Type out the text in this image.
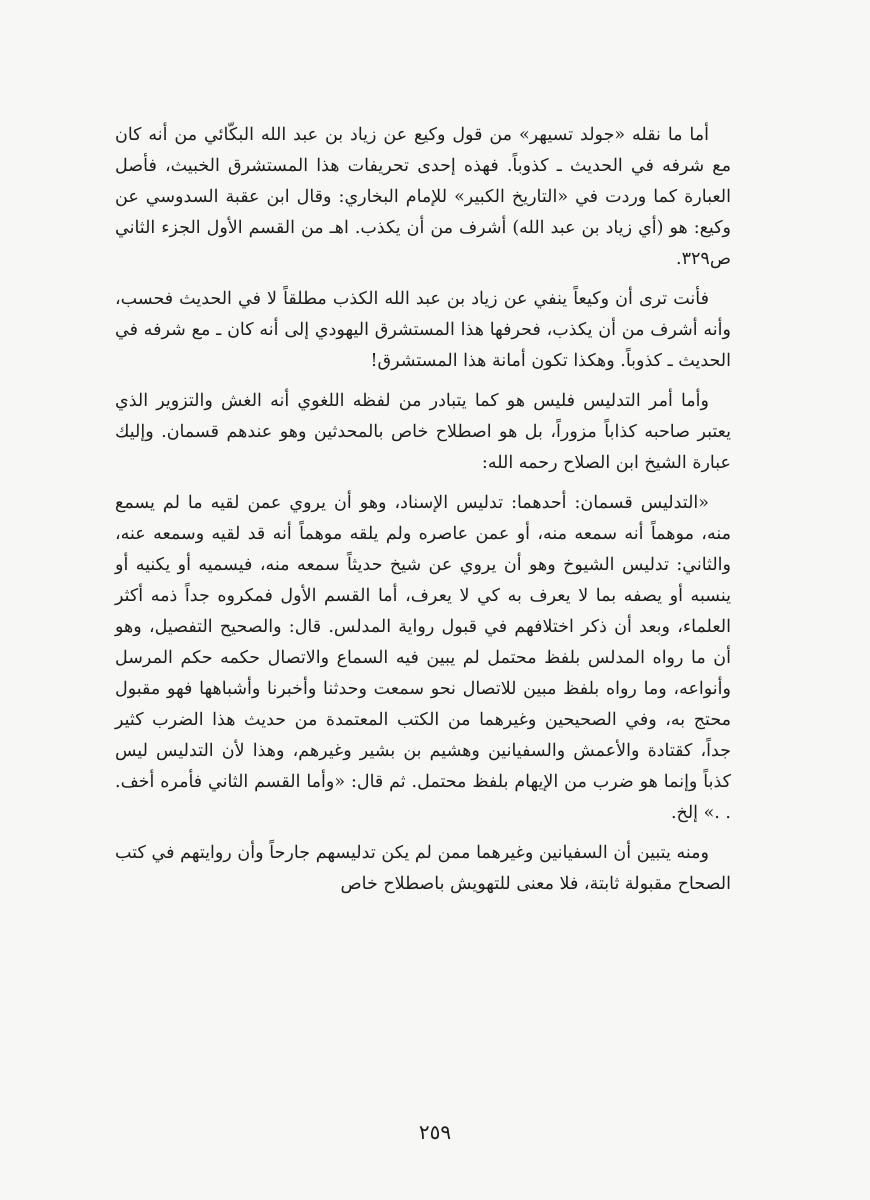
أما ما نقله «جولد تسيهر» من قول وكيع عن زياد بن عبد الله البكّائي من أنه كان مع شرفه في الحديث ـ كذوباً. فهذه إحدى تحريفات هذا المستشرق الخبيث، فأصل العبارة كما وردت في «التاريخ الكبير» للإمام البخاري: وقال ابن عقبة السدوسي عن وكيع: هو (أي زياد بن عبد الله) أشرف من أن يكذب. اهـ من القسم الأول الجزء الثاني ص٣٢٩.

فأنت ترى أن وكيعاً ينفي عن زياد بن عبد الله الكذب مطلقاً لا في الحديث فحسب، وأنه أشرف من أن يكذب، فحرفها هذا المستشرق اليهودي إلى أنه كان ـ مع شرفه في الحديث ـ كذوباً. وهكذا تكون أمانة هذا المستشرق!

وأما أمر التدليس فليس هو كما يتبادر من لفظه اللغوي أنه الغش والتزوير الذي يعتبر صاحبه كذاباً مزوراً، بل هو اصطلاح خاص بالمحدثين وهو عندهم قسمان. وإليك عبارة الشيخ ابن الصلاح رحمه الله:

«التدليس قسمان: أحدهما: تدليس الإسناد، وهو أن يروي عمن لقيه ما لم يسمع منه، موهماً أنه سمعه منه، أو عمن عاصره ولم يلقه موهماً أنه قد لقيه وسمعه عنه، والثاني: تدليس الشيوخ وهو أن يروي عن شيخ حديثاً سمعه منه، فيسميه أو يكنيه أو ينسبه أو يصفه بما لا يعرف به كي لا يعرف، أما القسم الأول فمكروه جداً ذمه أكثر العلماء، وبعد أن ذكر اختلافهم في قبول رواية المدلس. قال: والصحيح التفصيل، وهو أن ما رواه المدلس بلفظ محتمل لم يبين فيه السماع والاتصال حكمه حكم المرسل وأنواعه، وما رواه بلفظ مبين للاتصال نحو سمعت وحدثنا وأخبرنا وأشباهها فهو مقبول محتج به، وفي الصحيحين وغيرهما من الكتب المعتمدة من حديث هذا الضرب كثير جداً، كقتادة والأعمش والسفيانين وهشيم بن بشير وغيرهم، وهذا لأن التدليس ليس كذباً وإنما هو ضرب من الإيهام بلفظ محتمل. ثم قال: «وأما القسم الثاني فأمره أخف. . .» إلخ.

ومنه يتبين أن السفيانين وغيرهما ممن لم يكن تدليسهم جارحاً وأن روايتهم في كتب الصحاح مقبولة ثابتة، فلا معنى للتهويش باصطلاح خاص

٢٥٩
